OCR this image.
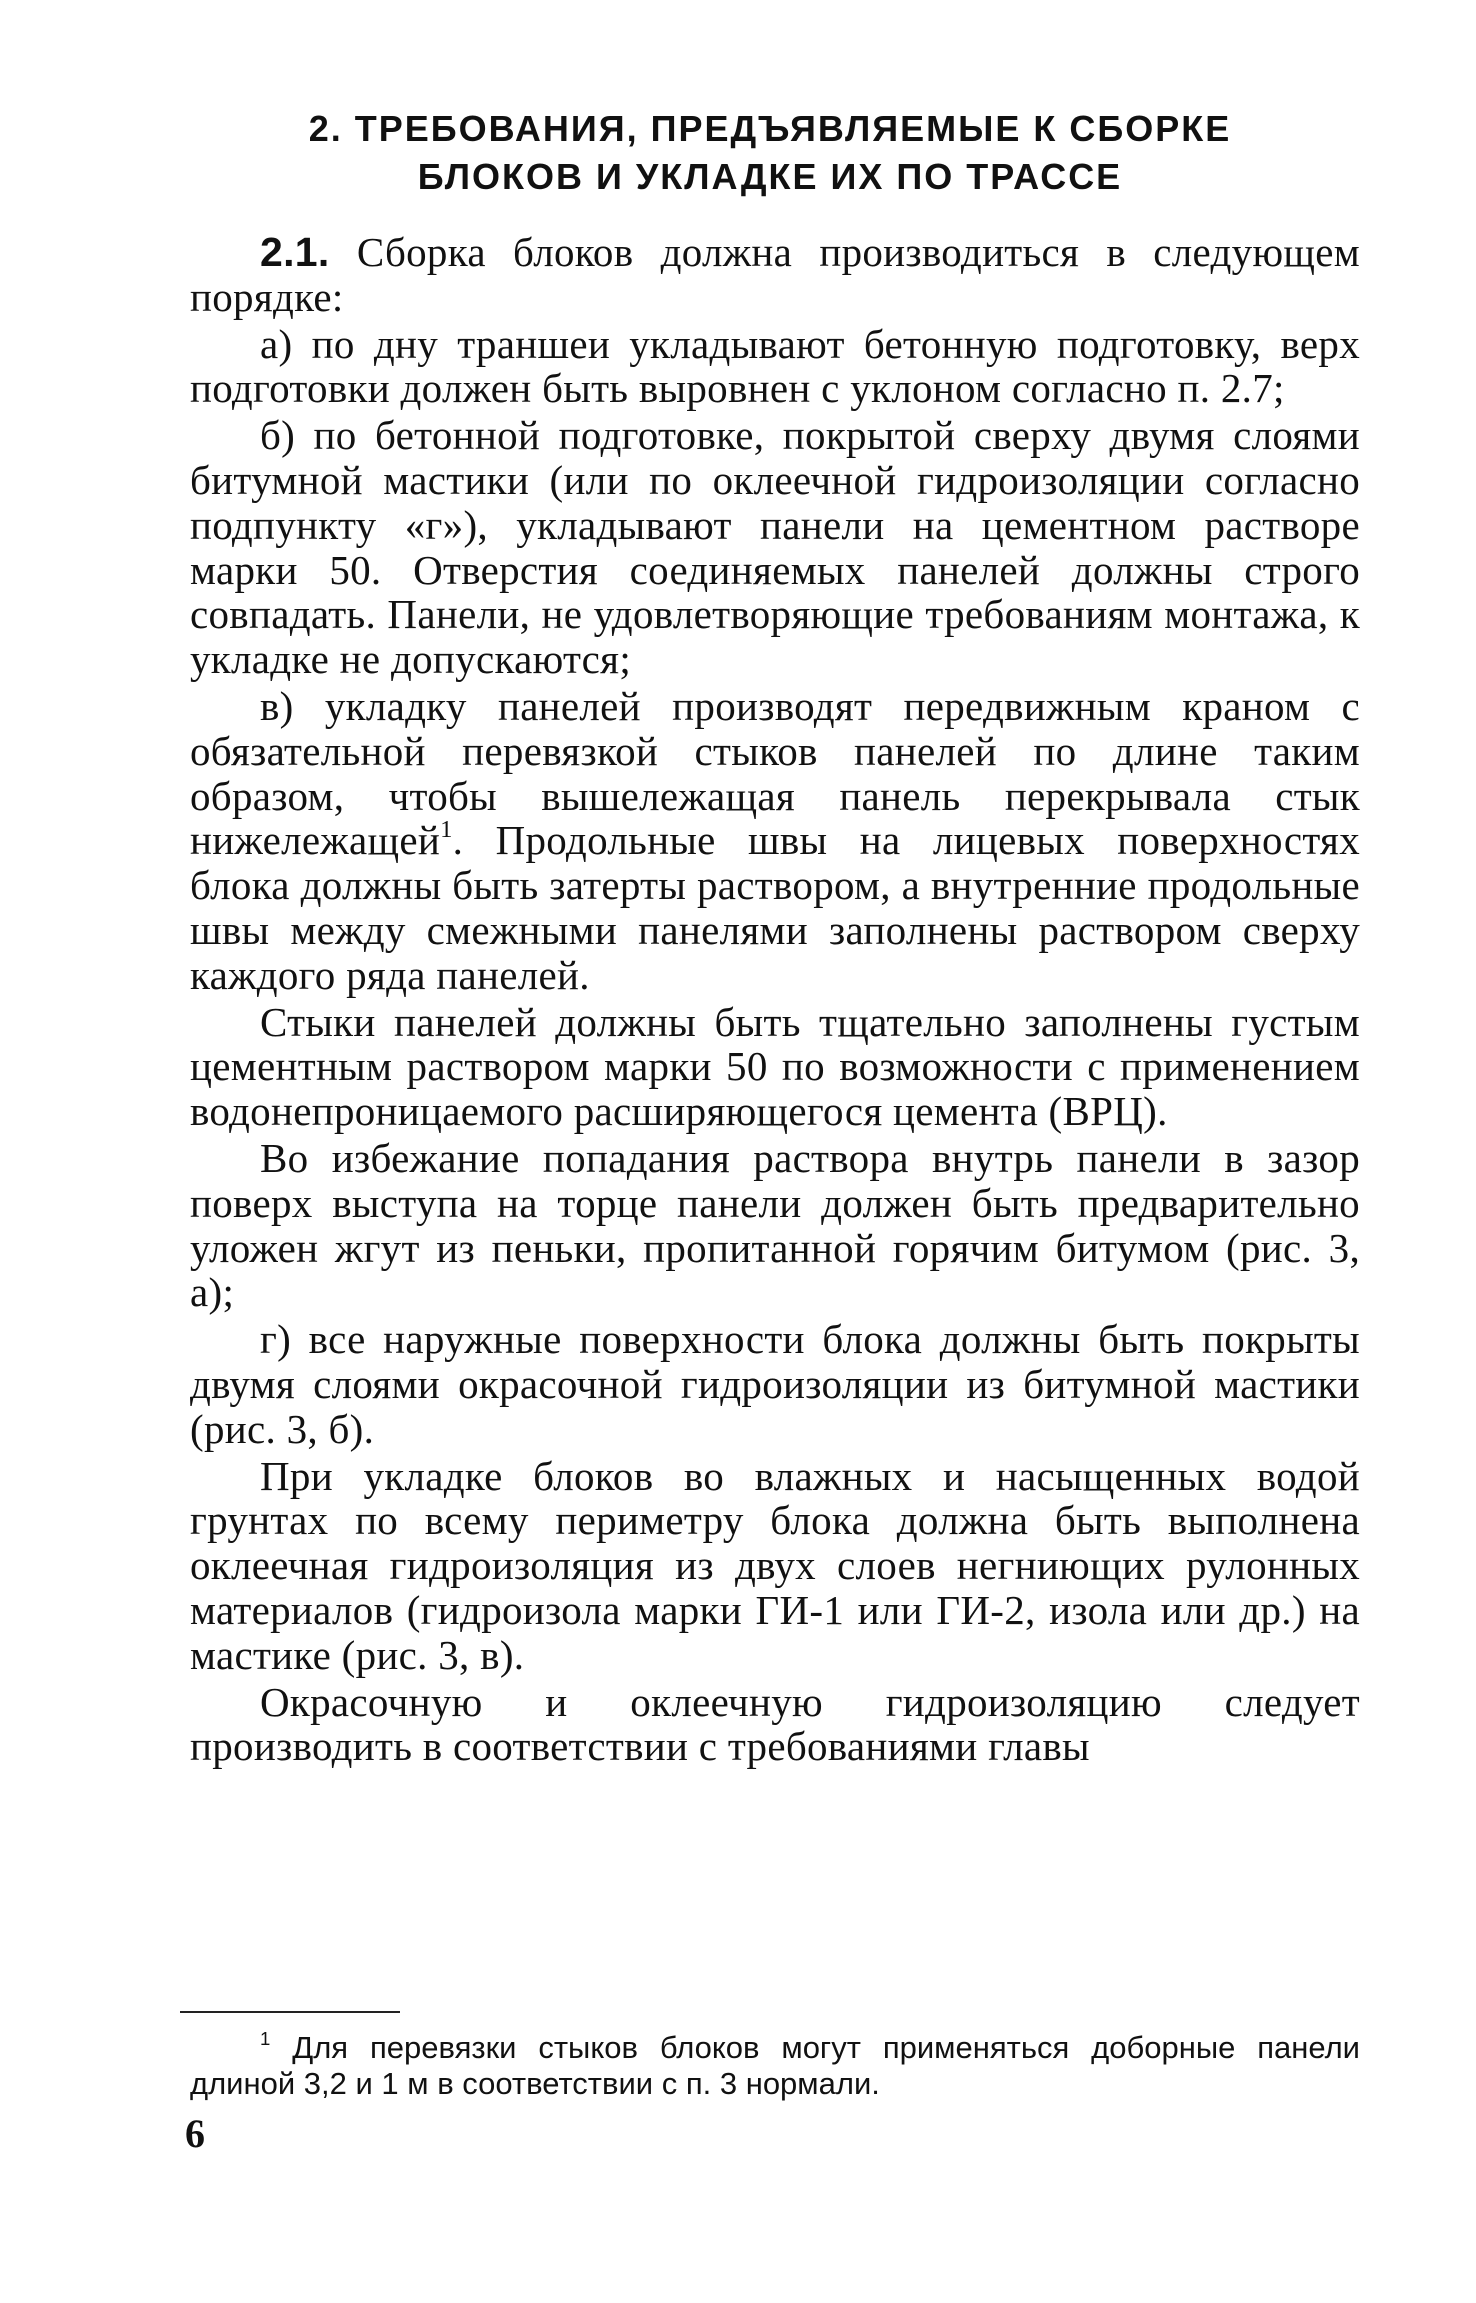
2. ТРЕБОВАНИЯ, ПРЕДЪЯВЛЯЕМЫЕ К СБОРКЕ
БЛОКОВ И УКЛАДКЕ ИХ ПО ТРАССЕ

2.1. Сборка блоков должна производиться в следующем порядке:

а) по дну траншеи укладывают бетонную подготовку, верх подготовки должен быть выровнен с уклоном согласно п. 2.7;

б) по бетонной подготовке, покрытой сверху двумя слоями битумной мастики (или по оклеечной гидроизоляции согласно подпункту «г»), укладывают панели на цементном растворе марки 50. Отверстия соединяемых панелей должны строго совпадать. Панели, не удовлетворяющие требованиям монтажа, к укладке не допускаются;

в) укладку панелей производят передвижным краном с обязательной перевязкой стыков панелей по длине таким образом, чтобы вышележащая панель перекрывала стык нижележащей$^1$. Продольные швы на лицевых поверхностях блока должны быть затерты раствором, а внутренние продольные швы между смежными панелями заполнены раствором сверху каждого ряда панелей.

Стыки панелей должны быть тщательно заполнены густым цементным раствором марки 50 по возможности с применением водонепроницаемого расширяющегося цемента (ВРЦ).

Во избежание попадания раствора внутрь панели в зазор поверх выступа на торце панели должен быть предварительно уложен жгут из пеньки, пропитанной горячим битумом (рис. 3, а);

г) все наружные поверхности блока должны быть покрыты двумя слоями окрасочной гидроизоляции из битумной мастики (рис. 3, б).

При укладке блоков во влажных и насыщенных водой грунтах по всему периметру блока должна быть выполнена оклеечная гидроизоляция из двух слоев негниющих рулонных материалов (гидроизола марки ГИ-1 или ГИ-2, изола или др.) на мастике (рис. 3, в).

Окрасочную и оклеечную гидроизоляцию следует производить в соответствии с требованиями главы

$^1$ Для перевязки стыков блоков могут применяться доборные панели длиной 3,2 и 1 м в соответствии с п. 3 нормали.

6
